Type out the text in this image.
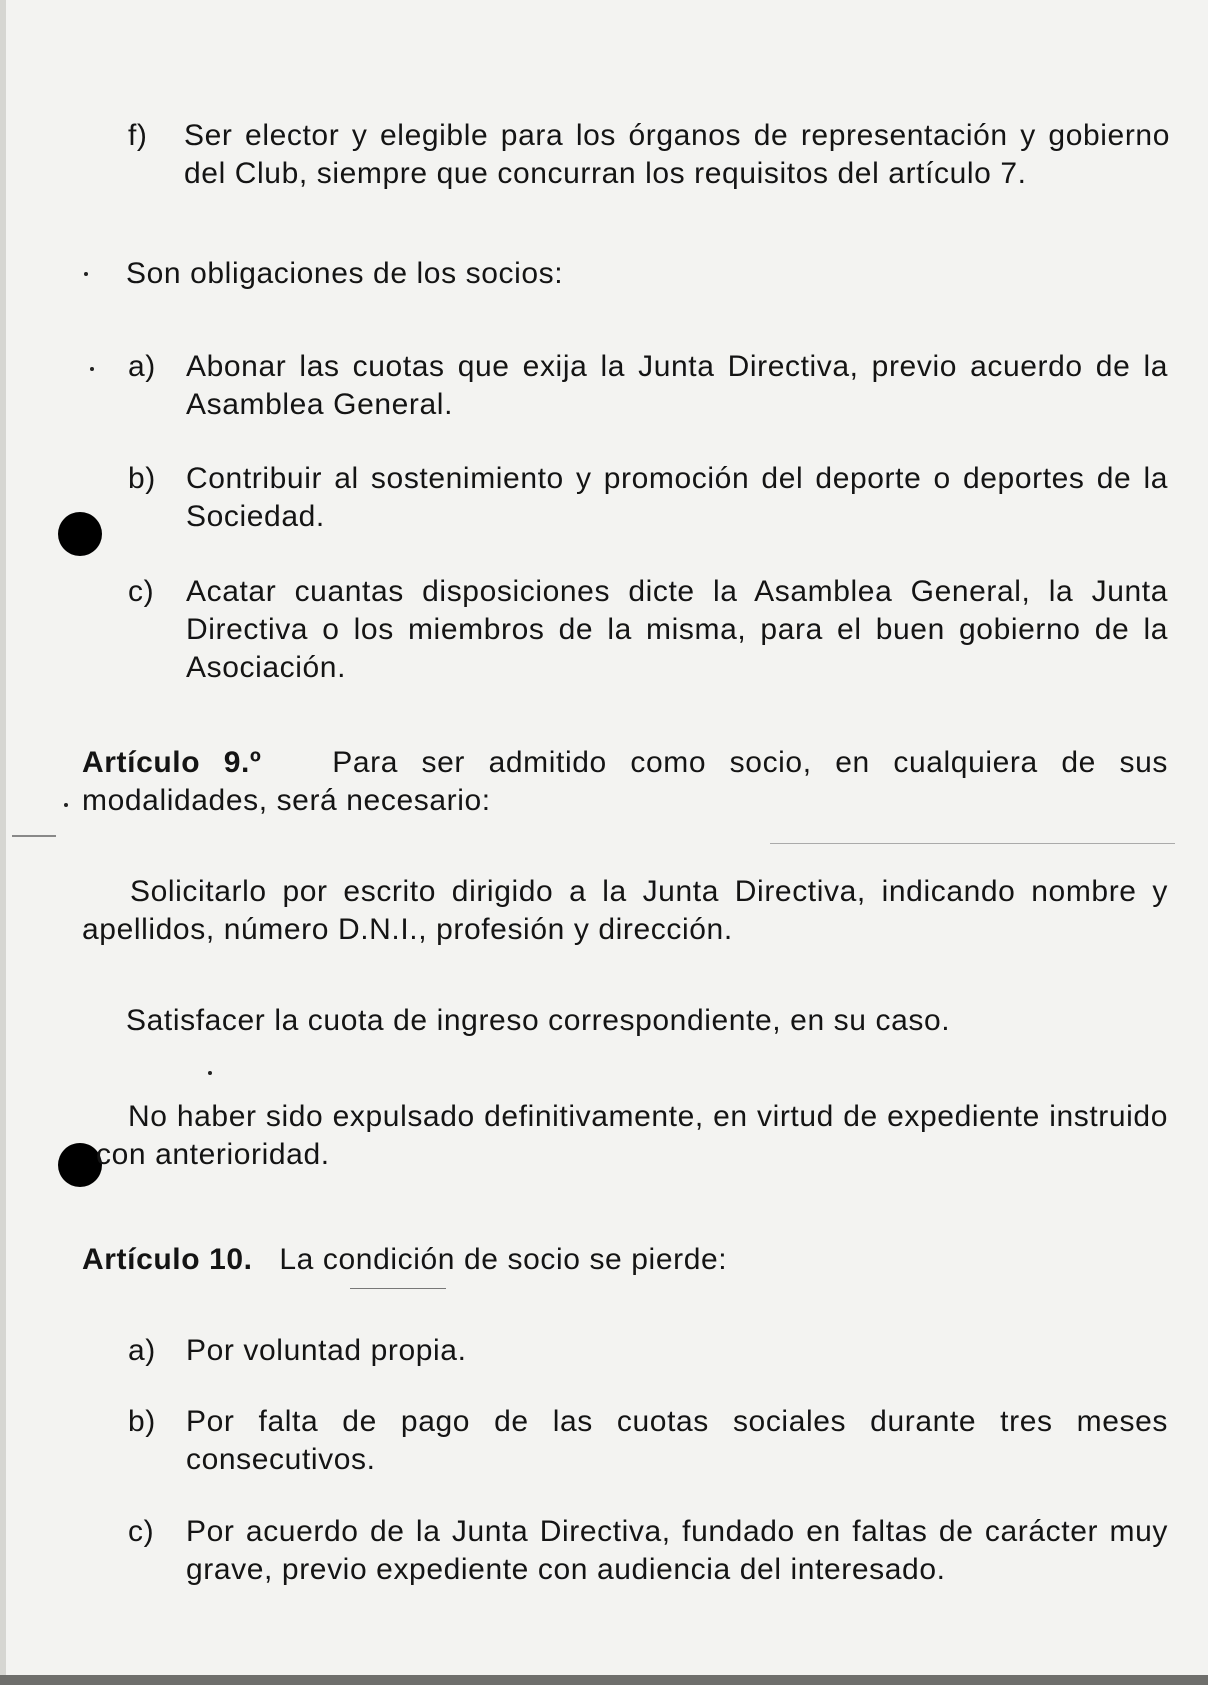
f)	Ser elector y elegible para los órganos de representación y gobierno del Club, siempre que concurran los requisitos del artículo 7.
Son obligaciones de los socios:
a)	Abonar las cuotas que exija la Junta Directiva, previo acuerdo de la Asamblea General.
b)	Contribuir al sostenimiento y promoción del deporte o deportes de la Sociedad.
c)	Acatar cuantas disposiciones dicte la Asamblea General, la Junta Directiva o los miembros de la misma, para el buen gobierno de la Asociación.
Artículo 9.º Para ser admitido como socio, en cualquiera de sus modalidades, será necesario:
Solicitarlo por escrito dirigido a la Junta Directiva, indicando nombre y apellidos, número D.N.I., profesión y dirección.
Satisfacer la cuota de ingreso correspondiente, en su caso.
No haber sido expulsado definitivamente, en virtud de expediente instruido con anterioridad.
Artículo 10. La condición de socio se pierde:
a)	Por voluntad propia.
b)	Por falta de pago de las cuotas sociales durante tres meses consecutivos.
c)	Por acuerdo de la Junta Directiva, fundado en faltas de carácter muy grave, previo expediente con audiencia del interesado.
